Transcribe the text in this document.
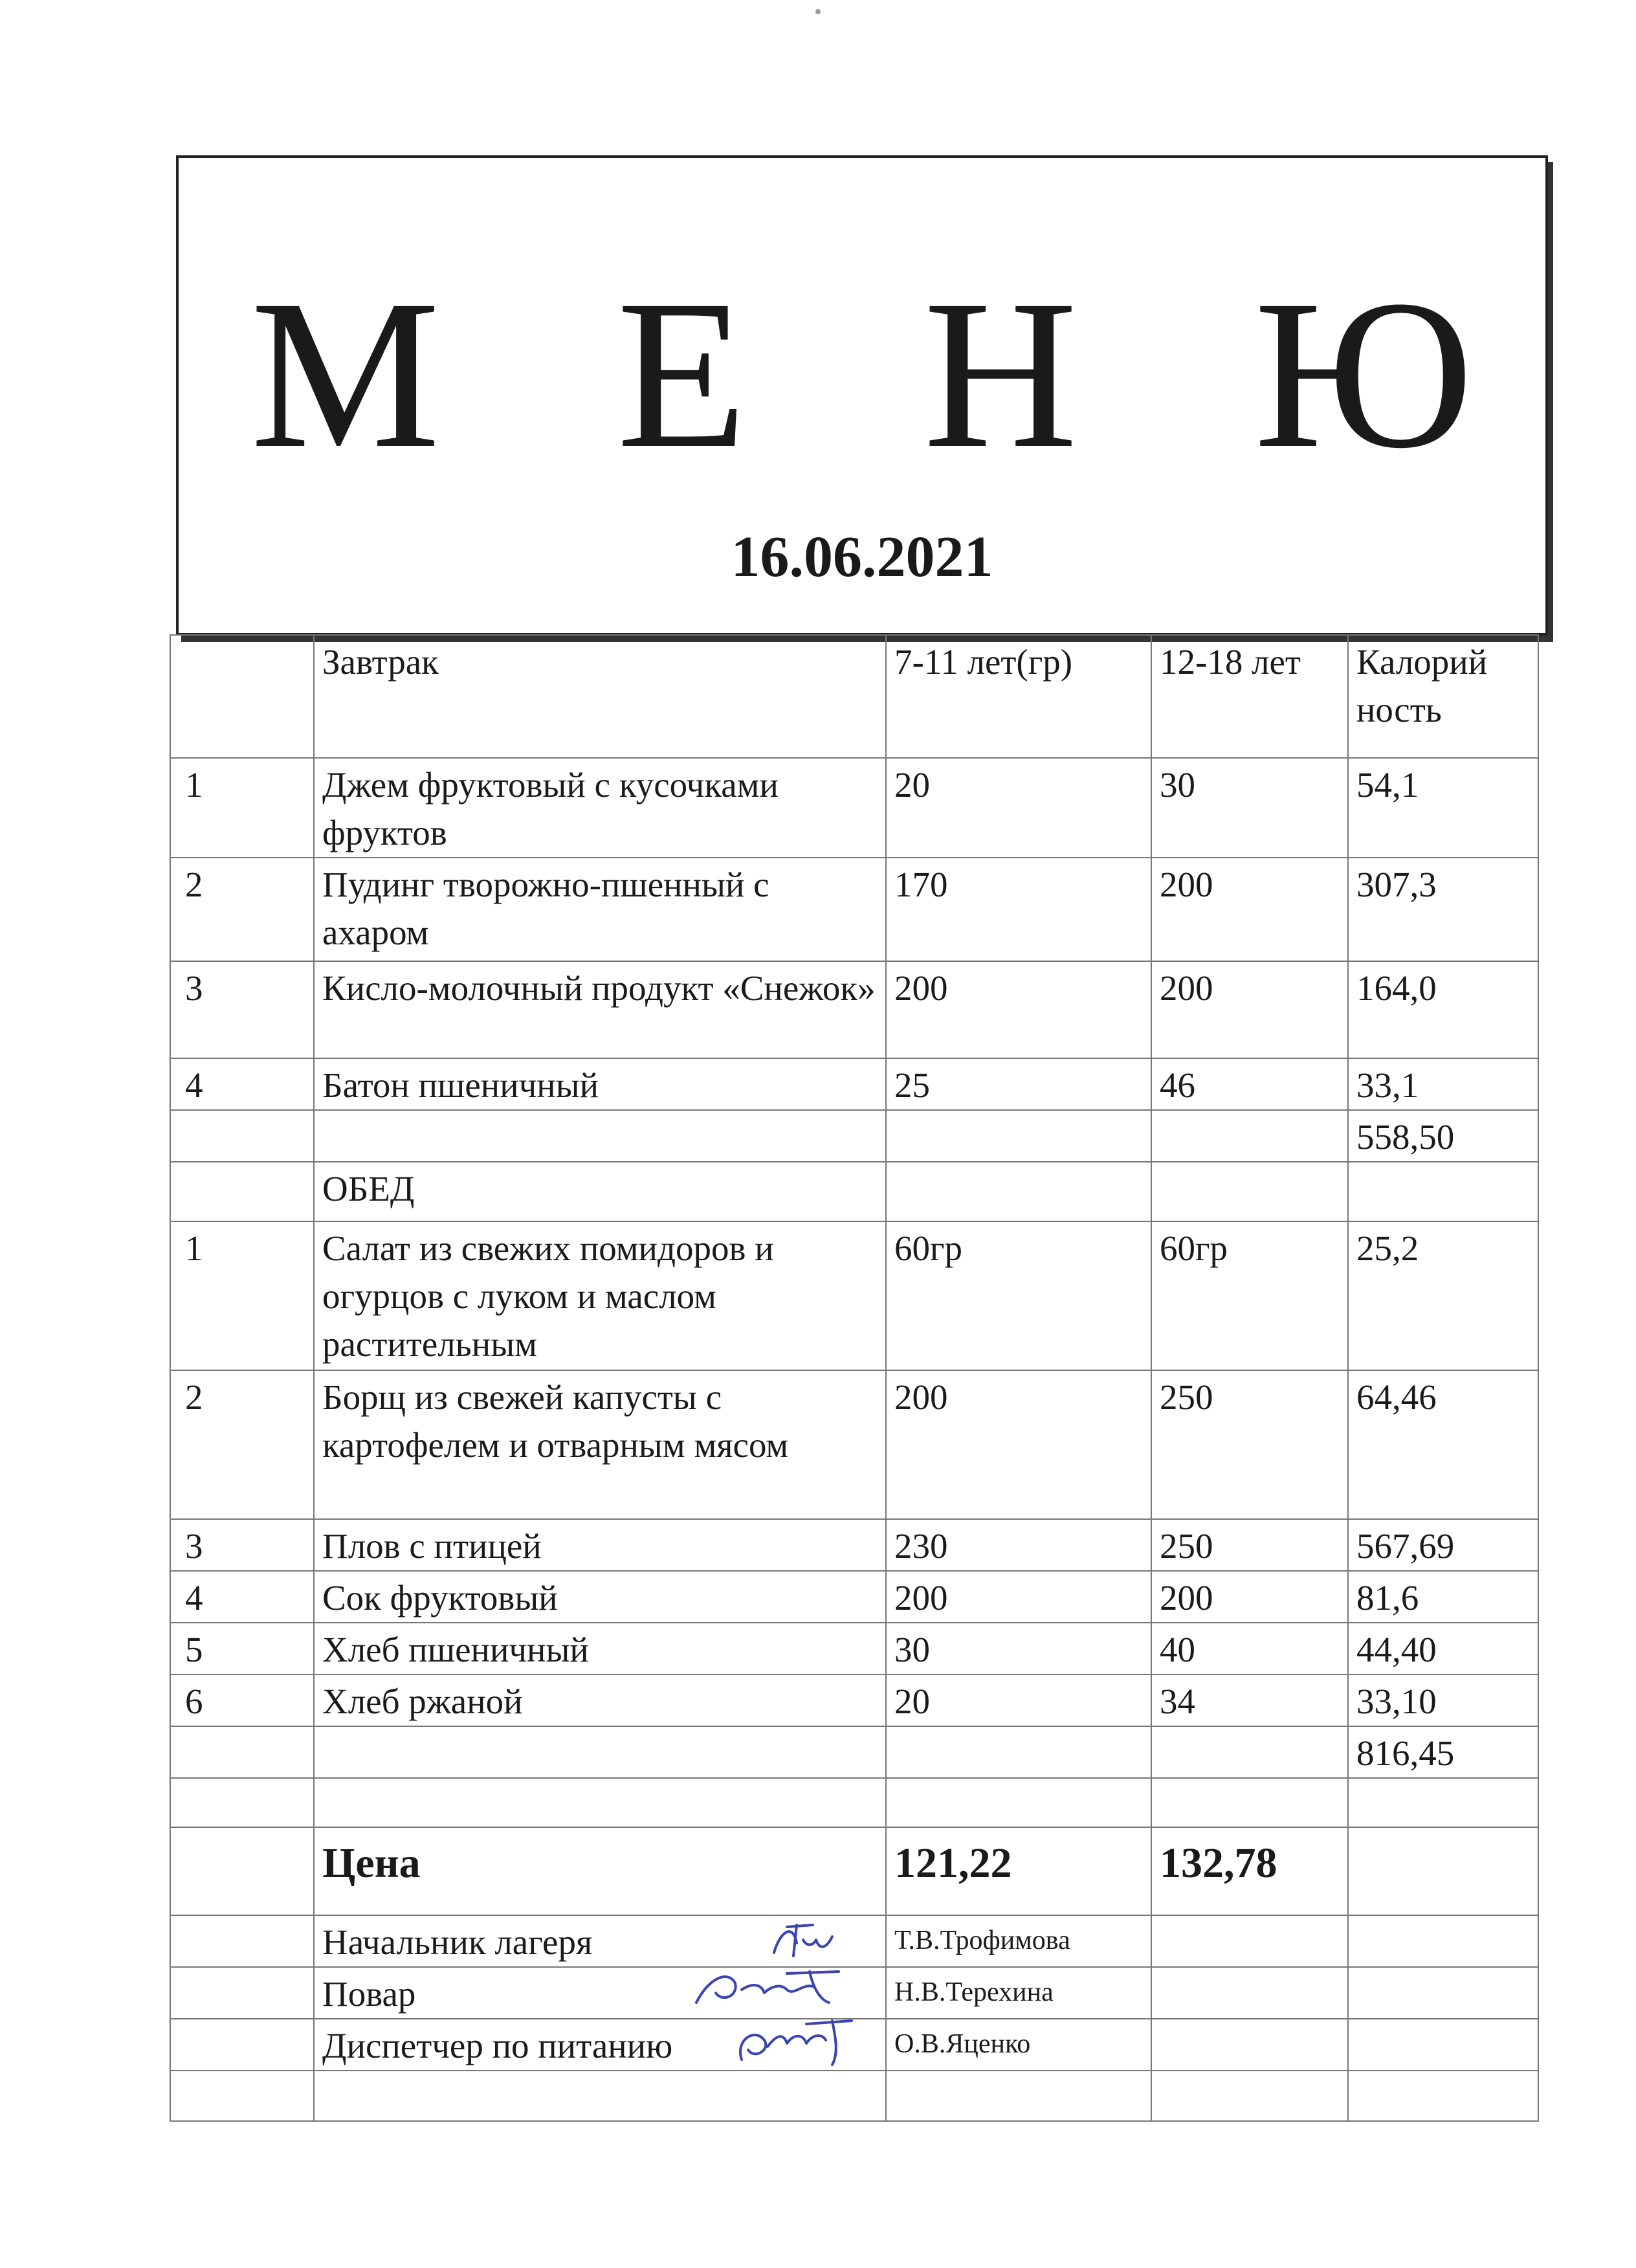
М Е Н Ю
16.06.2021
	Завтрак	7-11 лет(гр)	12-18 лет	Калорий ность
1	Джем фруктовый с кусочками фруктов	20	30	54,1
2	Пудинг творожно-пшенный с ахаром	170	200	307,3
3	Кисло-молочный продукт «Снежок»	200	200	164,0
4	Батон пшеничный	25	46	33,1
				558,50
	ОБЕД			
1	Салат из свежих помидоров и огурцов с луком и маслом растительным	60гр	60гр	25,2
2	Борщ из свежей капусты с картофелем и отварным мясом	200	250	64,46
3	Плов с птицей	230	250	567,69
4	Сок фруктовый	200	200	81,6
5	Хлеб пшеничный	30	40	44,40
6	Хлеб ржаной	20	34	33,10
				816,45

	Цена	121,22	132,78	
	Начальник лагеря	Т.В.Трофимова		
	Повар	Н.В.Терехина		
	Диспетчер по питанию	О.В.Яценко		
